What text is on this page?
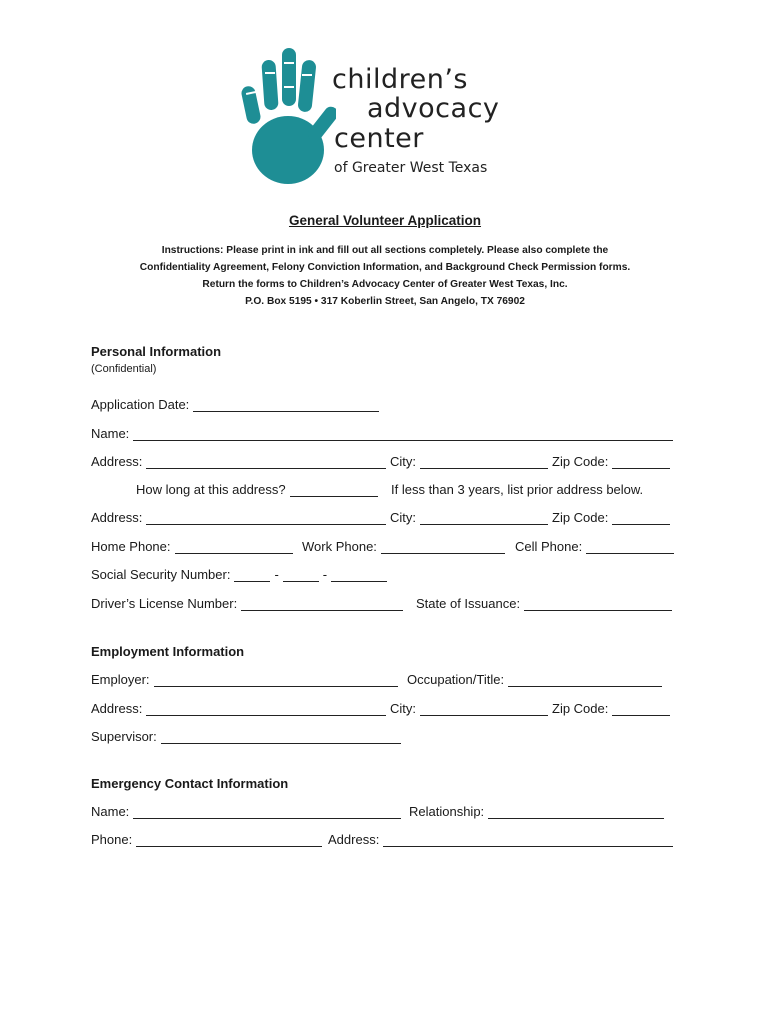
children’s
advocacy
center
of Greater West Texas
General Volunteer Application
Instructions: Please print in ink and fill out all sections completely. Please also complete the
Confidentiality Agreement, Felony Conviction Information, and Background Check Permission forms.
Return the forms to Children’s Advocacy Center of Greater West Texas, Inc.
P.O. Box 5195 • 317 Koberlin Street, San Angelo, TX 76902
Personal Information
(Confidential)
Application Date:
Name:
Address:	City:	Zip Code:
How long at this address?	If less than 3 years, list prior address below.
Address:	City:	Zip Code:
Home Phone:	Work Phone:	Cell Phone:
Social Security Number:	-	-
Driver’s License Number:	State of Issuance:
Employment Information
Employer:	Occupation/Title:
Address:	City:	Zip Code:
Supervisor:
Emergency Contact Information
Name:	Relationship:
Phone:	Address:
